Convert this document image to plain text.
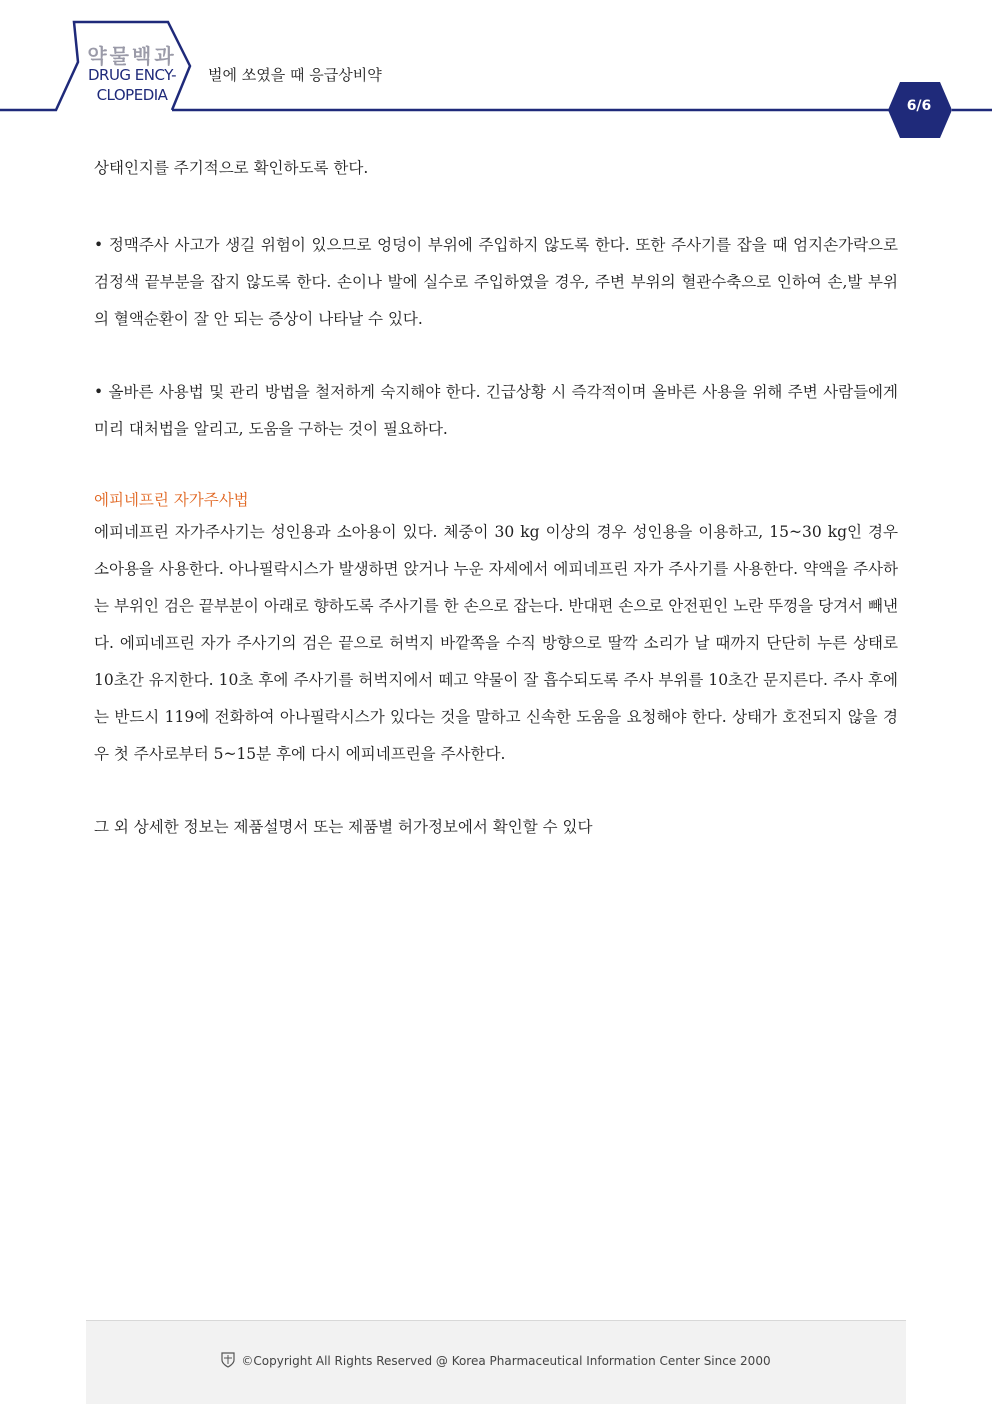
약물백과
DRUG ENCY-
CLOPEDIA
벌에 쏘였을 때 응급상비약
6/6

상태인지를 주기적으로 확인하도록 한다.

• 정맥주사 사고가 생길 위험이 있으므로 엉덩이 부위에 주입하지 않도록 한다. 또한 주사기를 잡을 때 엄지손가락으로 검정색 끝부분을 잡지 않도록 한다. 손이나 발에 실수로 주입하였을 경우, 주변 부위의 혈관수축으로 인하여 손,발 부위의 혈액순환이 잘 안 되는 증상이 나타날 수 있다.

• 올바른 사용법 및 관리 방법을 철저하게 숙지해야 한다. 긴급상황 시 즉각적이며 올바른 사용을 위해 주변 사람들에게 미리 대처법을 알리고, 도움을 구하는 것이 필요하다.

에피네프린 자가주사법

에피네프린 자가주사기는 성인용과 소아용이 있다. 체중이 30 kg 이상의 경우 성인용을 이용하고, 15~30 kg인 경우 소아용을 사용한다. 아나필락시스가 발생하면 앉거나 누운 자세에서 에피네프린 자가 주사기를 사용한다. 약액을 주사하는 부위인 검은 끝부분이 아래로 향하도록 주사기를 한 손으로 잡는다. 반대편 손으로 안전핀인 노란 뚜껑을 당겨서 빼낸다. 에피네프린 자가 주사기의 검은 끝으로 허벅지 바깥쪽을 수직 방향으로 딸깍 소리가 날 때까지 단단히 누른 상태로 10초간 유지한다. 10초 후에 주사기를 허벅지에서 떼고 약물이 잘 흡수되도록 주사 부위를 10초간 문지른다. 주사 후에는 반드시 119에 전화하여 아나필락시스가 있다는 것을 말하고 신속한 도움을 요청해야 한다. 상태가 호전되지 않을 경우 첫 주사로부터 5~15분 후에 다시 에피네프린을 주사한다.

그 외 상세한 정보는 제품설명서 또는 제품별 허가정보에서 확인할 수 있다

©Copyright All Rights Reserved @ Korea Pharmaceutical Information Center Since 2000
